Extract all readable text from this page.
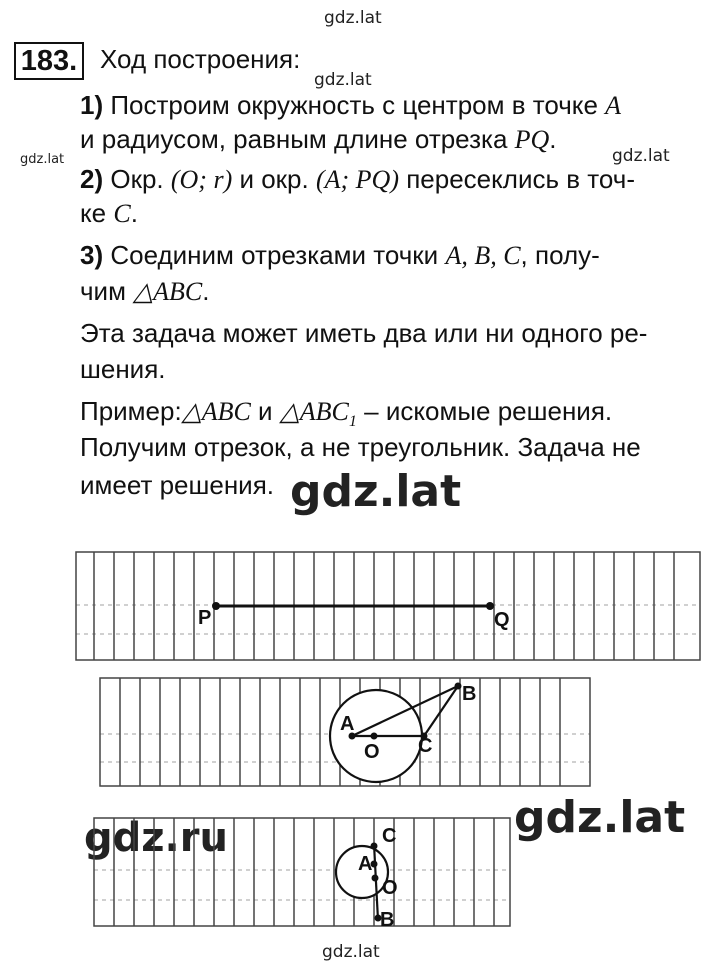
gdz.lat
gdz.lat
gdz.lat	gdz.lat
gdz.lat
gdz.lat
gdz.ru
gdz.lat
183. Ход построения:
1) Построим окружность с центром в точке A
и радиусом, равным длине отрезка PQ.
2) Окр. (O; r) и окр. (A; PQ) пересеклись в точ-
ке C.
3) Соединим отрезками точки A, B, C, полу-
чим △ABC.
Эта задача может иметь два или ни одного ре-
шения.
Пример:△ABC и $\triangle ABC_1$ – искомые решения.
Получим отрезок, а не треугольник. Задача не
имеет решения.
P	Q
A
O C
B
C
A
O
B
